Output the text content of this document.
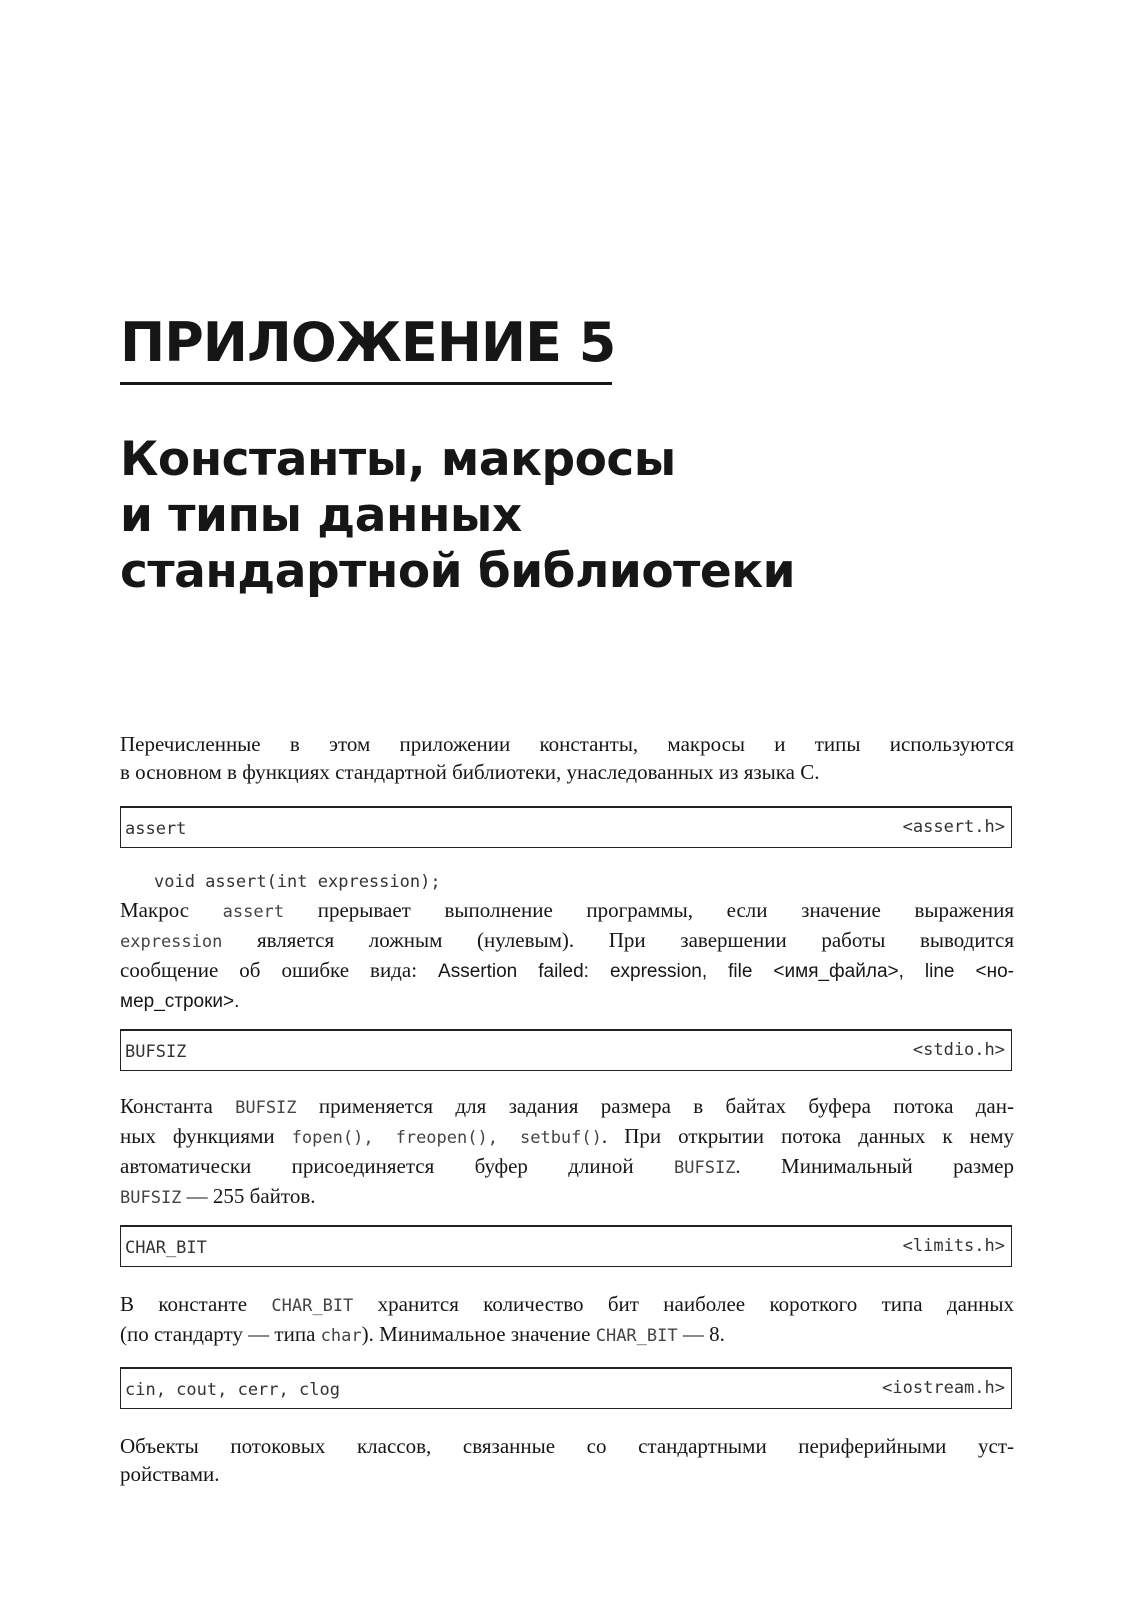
ПРИЛОЖЕНИЕ 5
Константы, макросы
и типы данных
стандартной библиотеки

Перечисленные в этом приложении константы, макросы и типы используются
в основном в функциях стандартной библиотеки, унаследованных из языка С.

assert	<assert.h>

void assert(int expression);

Макрос assert прерывает выполнение программы, если значение выражения
expression является ложным (нулевым). При завершении работы выводится
сообщение об ошибке вида: Assertion failed: expression, file <имя_файла>, line <но-
мер_строки>.

BUFSIZ	<stdio.h>

Константа BUFSIZ применяется для задания размера в байтах буфера потока дан-
ных функциями fopen(), freopen(), setbuf(). При открытии потока данных к нему
автоматически присоединяется буфер длиной BUFSIZ. Минимальный размер
BUFSIZ — 255 байтов.

CHAR_BIT	<limits.h>

В константе CHAR_BIT хранится количество бит наиболее короткого типа данных
(по стандарту — типа char). Минимальное значение CHAR_BIT — 8.

cin, cout, cerr, clog	<iostream.h>

Объекты потоковых классов, связанные со стандартными периферийными уст-
ройствами.
